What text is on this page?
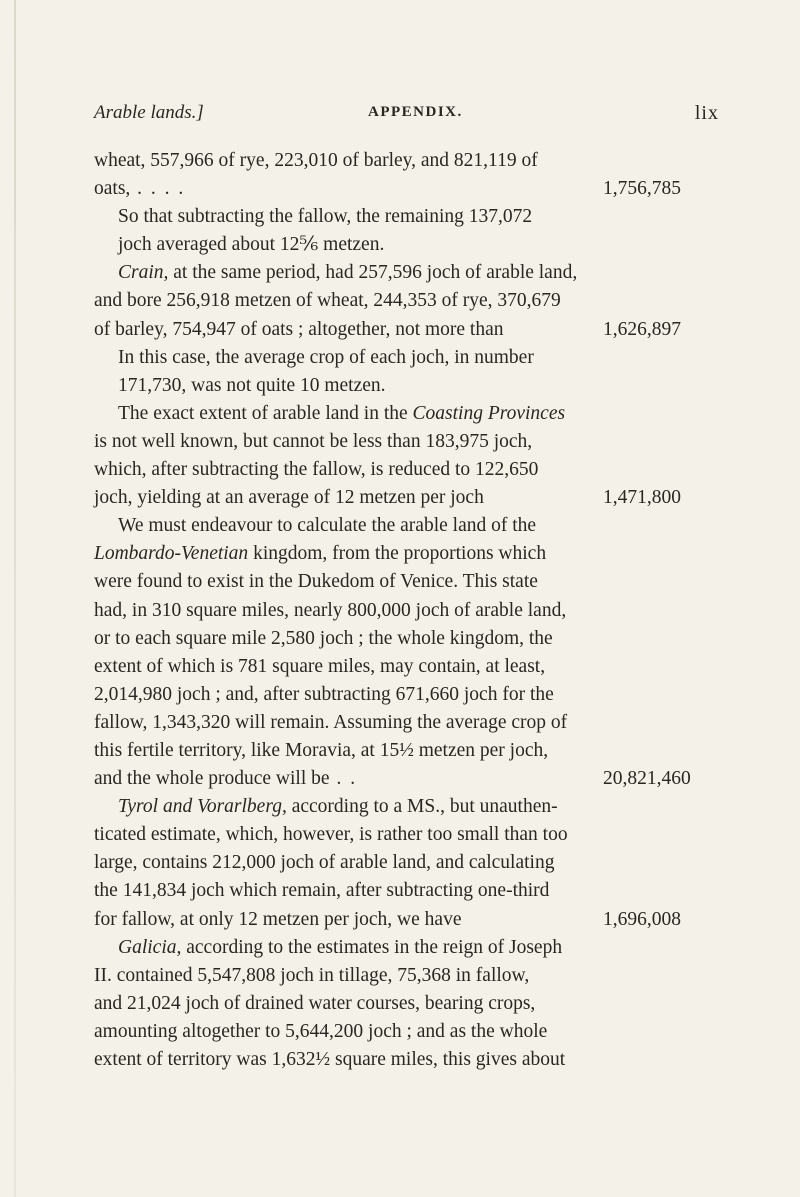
Arable lands.]	APPENDIX.	lix
wheat, 557,966 of rye, 223,010 of barley, and 821,119 of
oats, . . . .	1,756,785
So that subtracting the fallow, the remaining 137,072
joch averaged about 12⅚ metzen.
Crain, at the same period, had 257,596 joch of arable land,
and bore 256,918 metzen of wheat, 244,353 of rye, 370,679
of barley, 754,947 of oats ; altogether, not more than	1,626,897
In this case, the average crop of each joch, in number
171,730, was not quite 10 metzen.
The exact extent of arable land in the Coasting Provinces
is not well known, but cannot be less than 183,975 joch,
which, after subtracting the fallow, is reduced to 122,650
joch, yielding at an average of 12 metzen per joch	1,471,800
We must endeavour to calculate the arable land of the
Lombardo-Venetian kingdom, from the proportions which
were found to exist in the Dukedom of Venice. This state
had, in 310 square miles, nearly 800,000 joch of arable land,
or to each square mile 2,580 joch ; the whole kingdom, the
extent of which is 781 square miles, may contain, at least,
2,014,980 joch ; and, after subtracting 671,660 joch for the
fallow, 1,343,320 will remain. Assuming the average crop of
this fertile territory, like Moravia, at 15½ metzen per joch,
and the whole produce will be . .	20,821,460
Tyrol and Vorarlberg, according to a MS., but unauthen-
ticated estimate, which, however, is rather too small than too
large, contains 212,000 joch of arable land, and calculating
the 141,834 joch which remain, after subtracting one-third
for fallow, at only 12 metzen per joch, we have	1,696,008
Galicia, according to the estimates in the reign of Joseph
II. contained 5,547,808 joch in tillage, 75,368 in fallow,
and 21,024 joch of drained water courses, bearing crops,
amounting altogether to 5,644,200 joch ; and as the whole
extent of territory was 1,632½ square miles, this gives about
